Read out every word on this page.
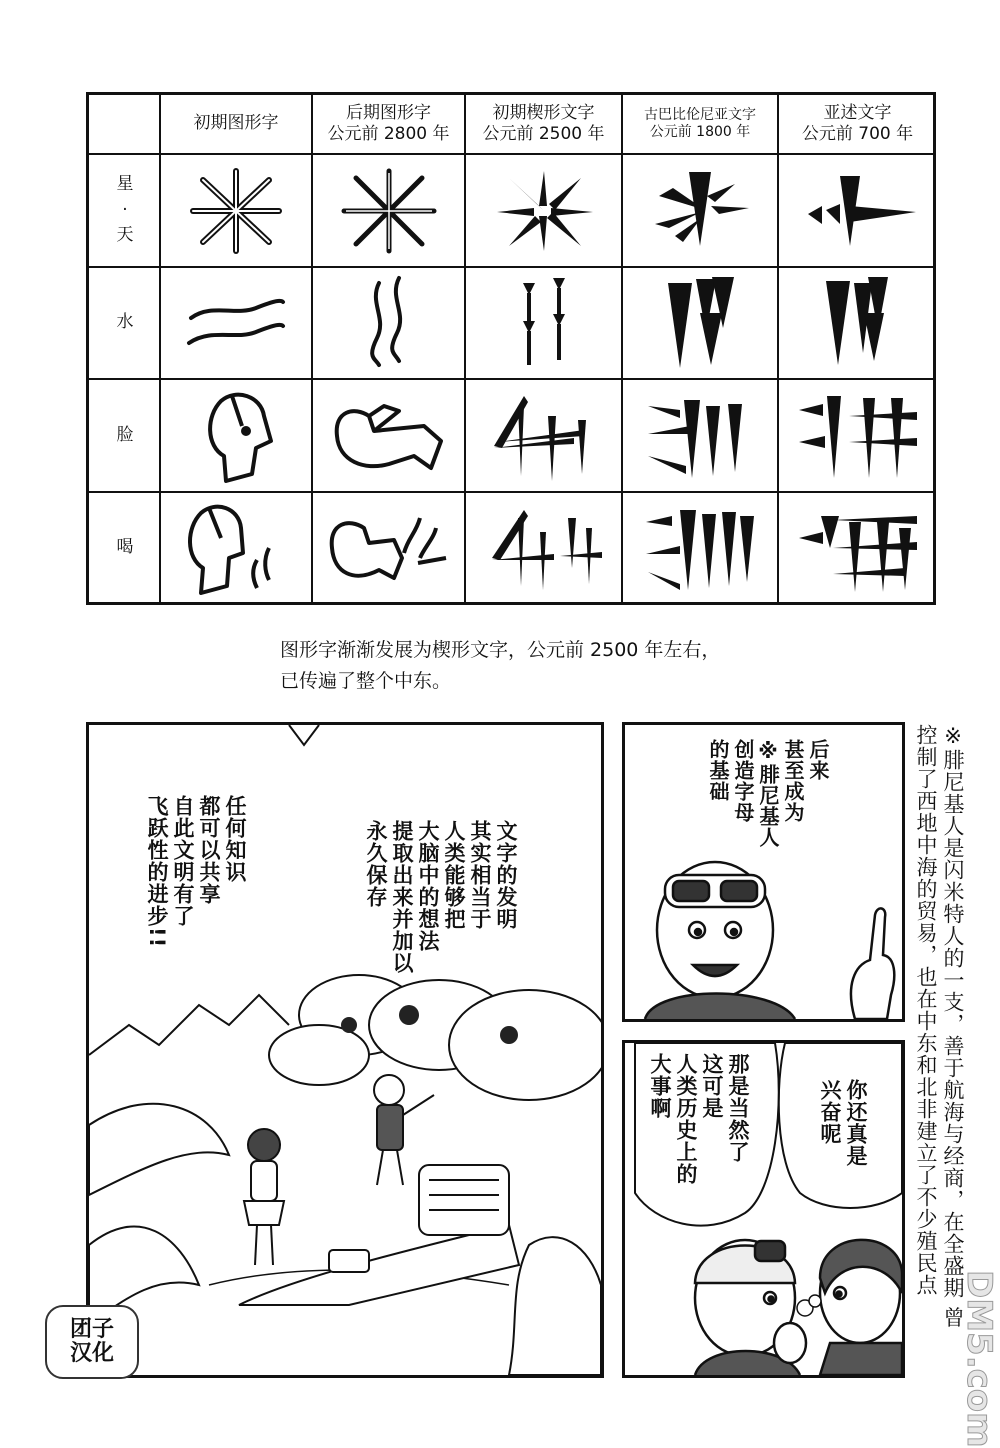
初期图形字
后期图形字
公元前 2800 年
初期楔形文字
公元前 2500 年
古巴比伦尼亚文字
公元前 1800 年
亚述文字
公元前 700 年
星
·
天
水
脸
喝
图形字渐渐发展为楔形文字，公元前 2500 年左右，
已传遍了整个中东。
文字的发明
其实相当于
人类能够把
大脑中的想法
提取出来并加以
永久保存
任何知识
都可以共享
自此文明有了
飞跃性的进步!!
后来
甚至成为
※腓尼基人
创造字母
的基础
你还真是
兴奋呢
那是当然了
这可是
人类历史上的
大事啊	※腓尼基人是闪米特人的一支，善于航海与经商，在全盛期 曾控制了西地中海的贸易，也在中东和北非建立了不少殖民点
团子
汉化	DM5.com
